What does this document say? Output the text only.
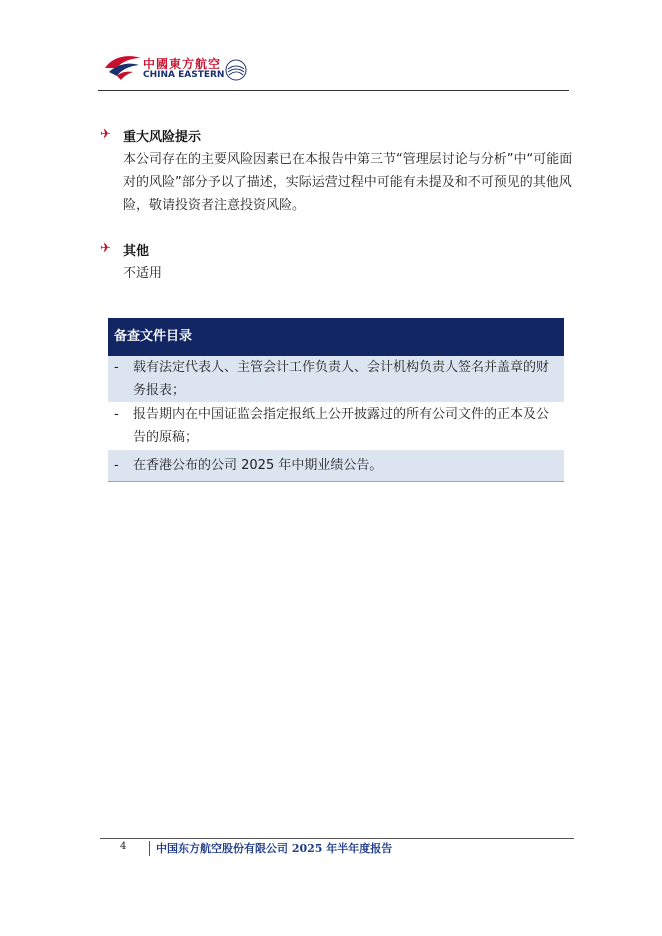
中國東方航空
CHINA EASTERN
✈ 重大风险提示
本公司存在的主要风险因素已在本报告中第三节“管理层讨论与分析”中“可能面对的风险”部分予以了描述，实际运营过程中可能有未提及和不可预见的其他风险，敬请投资者注意投资风险。
✈ 其他
不适用
备查文件目录
-	载有法定代表人、主管会计工作负责人、会计机构负责人签名并盖章的财务报表；
-	报告期内在中国证监会指定报纸上公开披露过的所有公司文件的正本及公告的原稿；
-	在香港公布的公司 2025 年中期业绩公告。
4	中国东方航空股份有限公司 2025 年半年度报告
